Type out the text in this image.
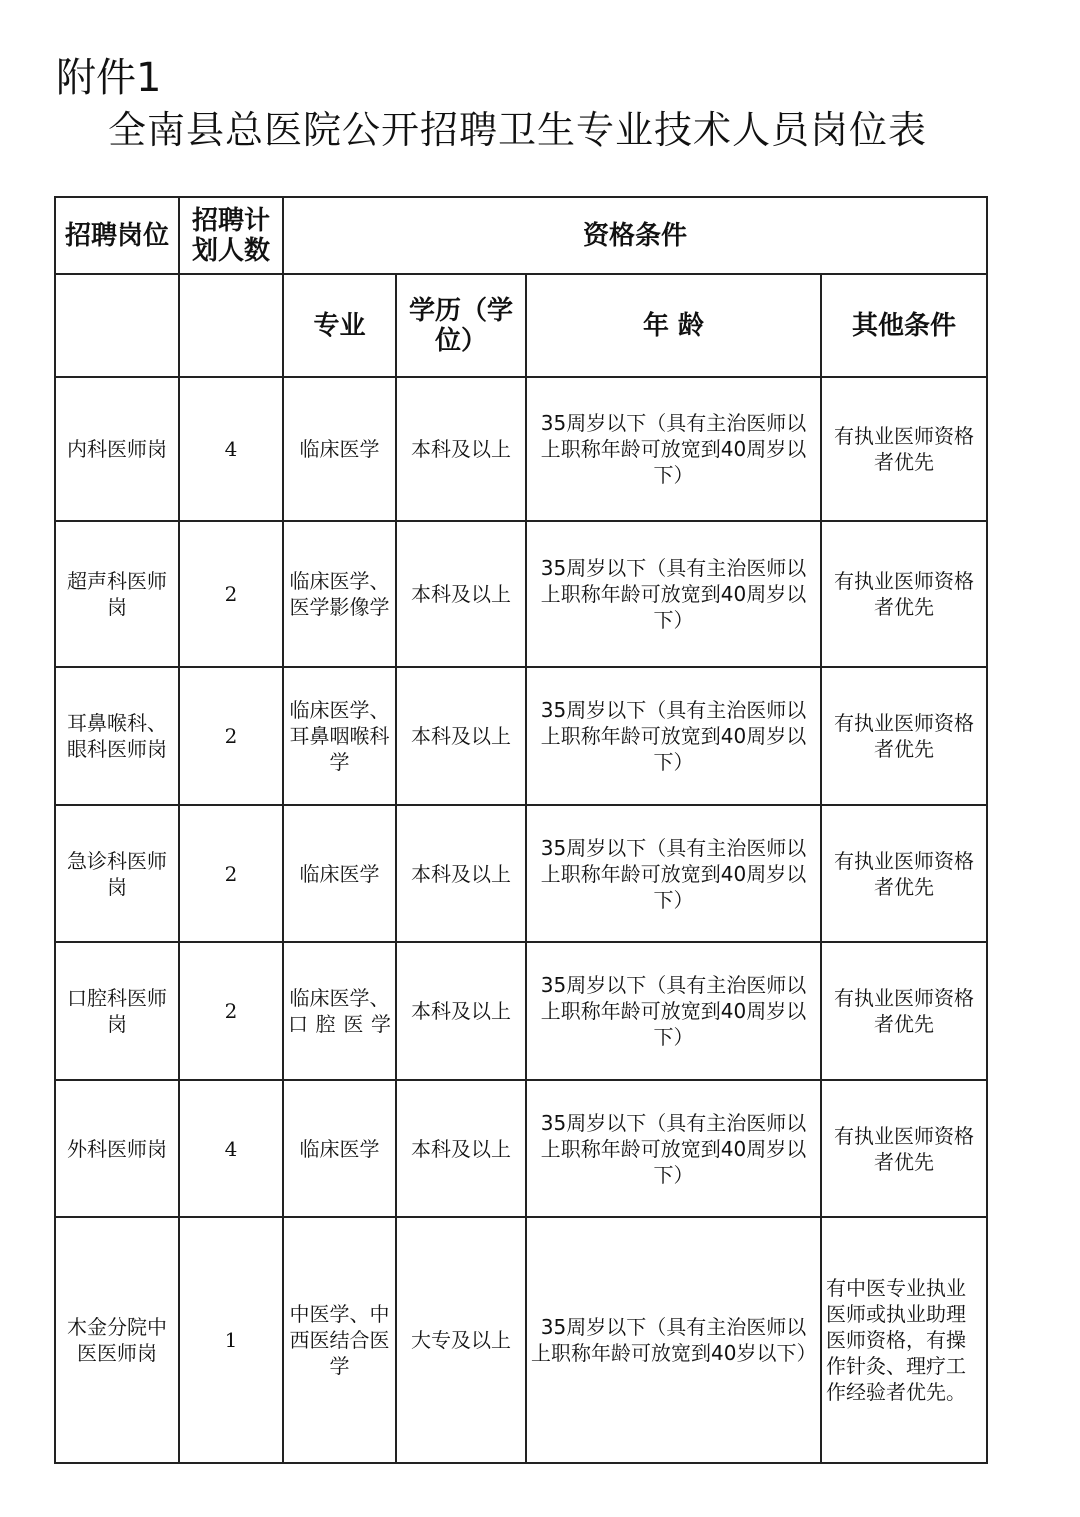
附件1
全南县总医院公开招聘卫生专业技术人员岗位表
招聘岗位	招聘计划人数	资格条件			
		专业	学历（学位）	年 龄	其他条件
内科医师岗	4	临床医学	本科及以上	35周岁以下（具有主治医师以上职称年龄可放宽到40周岁以下）	有执业医师资格者优先
超声科医师岗	2	临床医学、医学影像学	本科及以上	35周岁以下（具有主治医师以上职称年龄可放宽到40周岁以下）	有执业医师资格者优先
耳鼻喉科、眼科医师岗	2	临床医学、耳鼻咽喉科学	本科及以上	35周岁以下（具有主治医师以上职称年龄可放宽到40周岁以下）	有执业医师资格者优先
急诊科医师岗	2	临床医学	本科及以上	35周岁以下（具有主治医师以上职称年龄可放宽到40周岁以下）	有执业医师资格者优先
口腔科医师岗	2	临床医学、口腔医学	本科及以上	35周岁以下（具有主治医师以上职称年龄可放宽到40周岁以下）	有执业医师资格者优先
外科医师岗	4	临床医学	本科及以上	35周岁以下（具有主治医师以上职称年龄可放宽到40周岁以下）	有执业医师资格者优先
木金分院中医医师岗	1	中医学、中西医结合医学	大专及以上	35周岁以下（具有主治医师以上职称年龄可放宽到40岁以下）	有中医专业执业医师或执业助理医师资格，有操作针灸、理疗工作经验者优先。
